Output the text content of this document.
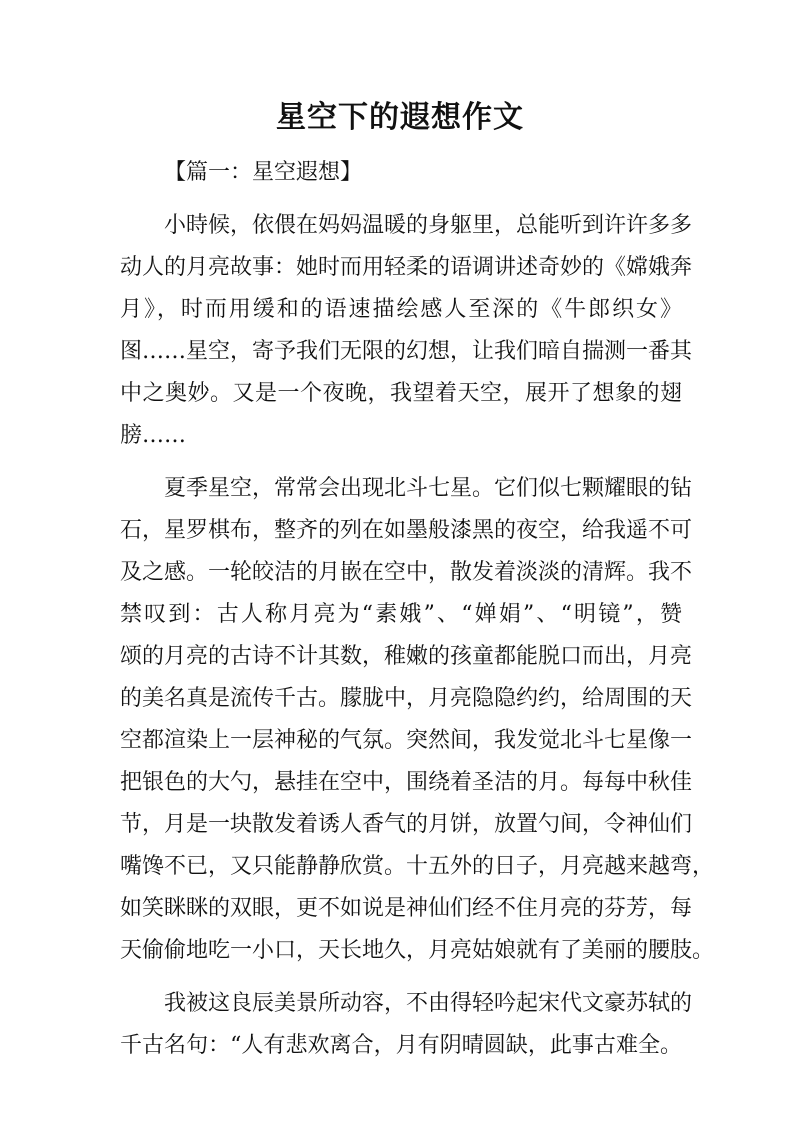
星空下的遐想作文
【篇一：星空遐想】
小時候，依偎在妈妈温暖的身躯里，总能听到许许多多
动人的月亮故事：她时而用轻柔的语调讲述奇妙的《嫦娥奔
月》，时而用缓和的语速描绘感人至深的《牛郎织女》
图……星空，寄予我们无限的幻想，让我们暗自揣测一番其
中之奥妙。又是一个夜晚，我望着天空，展开了想象的翅
膀……
夏季星空，常常会出现北斗七星。它们似七颗耀眼的钻
石，星罗棋布，整齐的列在如墨般漆黑的夜空，给我遥不可
及之感。一轮皎洁的月嵌在空中，散发着淡淡的清辉。我不
禁叹到：古人称月亮为“素娥”、“婵娟”、“明镜”，赞
颂的月亮的古诗不计其数，稚嫩的孩童都能脱口而出，月亮
的美名真是流传千古。朦胧中，月亮隐隐约约，给周围的天
空都渲染上一层神秘的气氛。突然间，我发觉北斗七星像一
把银色的大勺，悬挂在空中，围绕着圣洁的月。每每中秋佳
节，月是一块散发着诱人香气的月饼，放置勺间，令神仙们
嘴馋不已，又只能静静欣赏。十五外的日子，月亮越来越弯，
如笑眯眯的双眼，更不如说是神仙们经不住月亮的芬芳，每
天偷偷地吃一小口，天长地久，月亮姑娘就有了美丽的腰肢。
我被这良辰美景所动容，不由得轻吟起宋代文豪苏轼的
千古名句：“人有悲欢离合，月有阴晴圆缺，此事古难全。
